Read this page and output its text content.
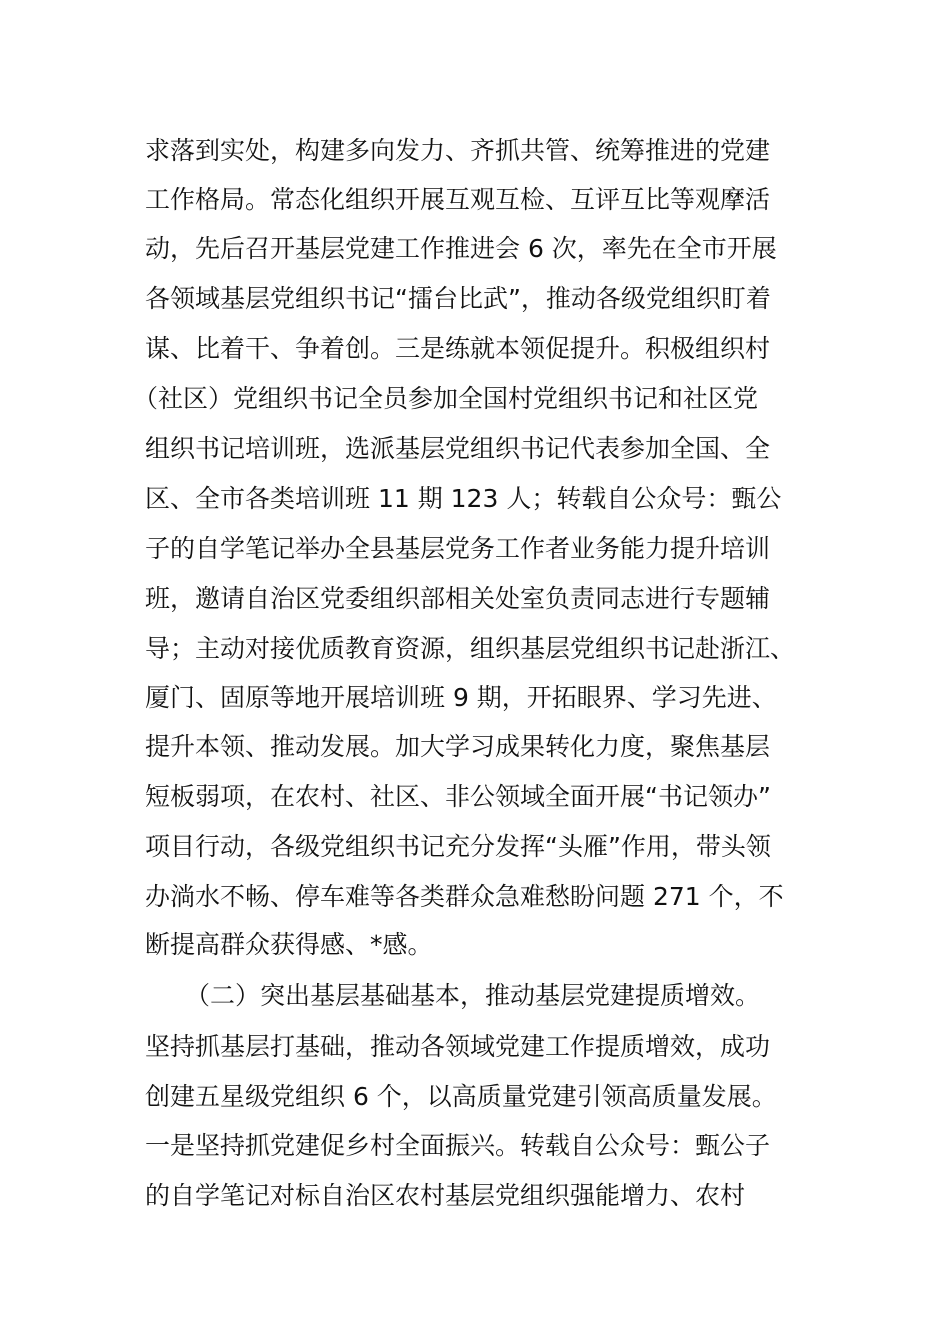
求落到实处，构建多向发力、齐抓共管、统筹推进的党建
工作格局。常态化组织开展互观互检、互评互比等观摩活
动，先后召开基层党建工作推进会 6 次，率先在全市开展
各领域基层党组织书记“擂台比武”，推动各级党组织盯着
谋、比着干、争着创。三是练就本领促提升。积极组织村
（社区）党组织书记全员参加全国村党组织书记和社区党
组织书记培训班，选派基层党组织书记代表参加全国、全
区、全市各类培训班 11 期 123 人；转载自公众号：甄公
子的自学笔记举办全县基层党务工作者业务能力提升培训
班，邀请自治区党委组织部相关处室负责同志进行专题辅
导；主动对接优质教育资源，组织基层党组织书记赴浙江、
厦门、固原等地开展培训班 9 期，开拓眼界、学习先进、
提升本领、推动发展。加大学习成果转化力度，聚焦基层
短板弱项，在农村、社区、非公领域全面开展“书记领办”
项目行动，各级党组织书记充分发挥“头雁”作用，带头领
办淌水不畅、停车难等各类群众急难愁盼问题 271 个，不
断提高群众获得感、*感。
（二）突出基层基础基本，推动基层党建提质增效。
坚持抓基层打基础，推动各领域党建工作提质增效，成功
创建五星级党组织 6 个，以高质量党建引领高质量发展。
一是坚持抓党建促乡村全面振兴。转载自公众号：甄公子
的自学笔记对标自治区农村基层党组织强能增力、农村
